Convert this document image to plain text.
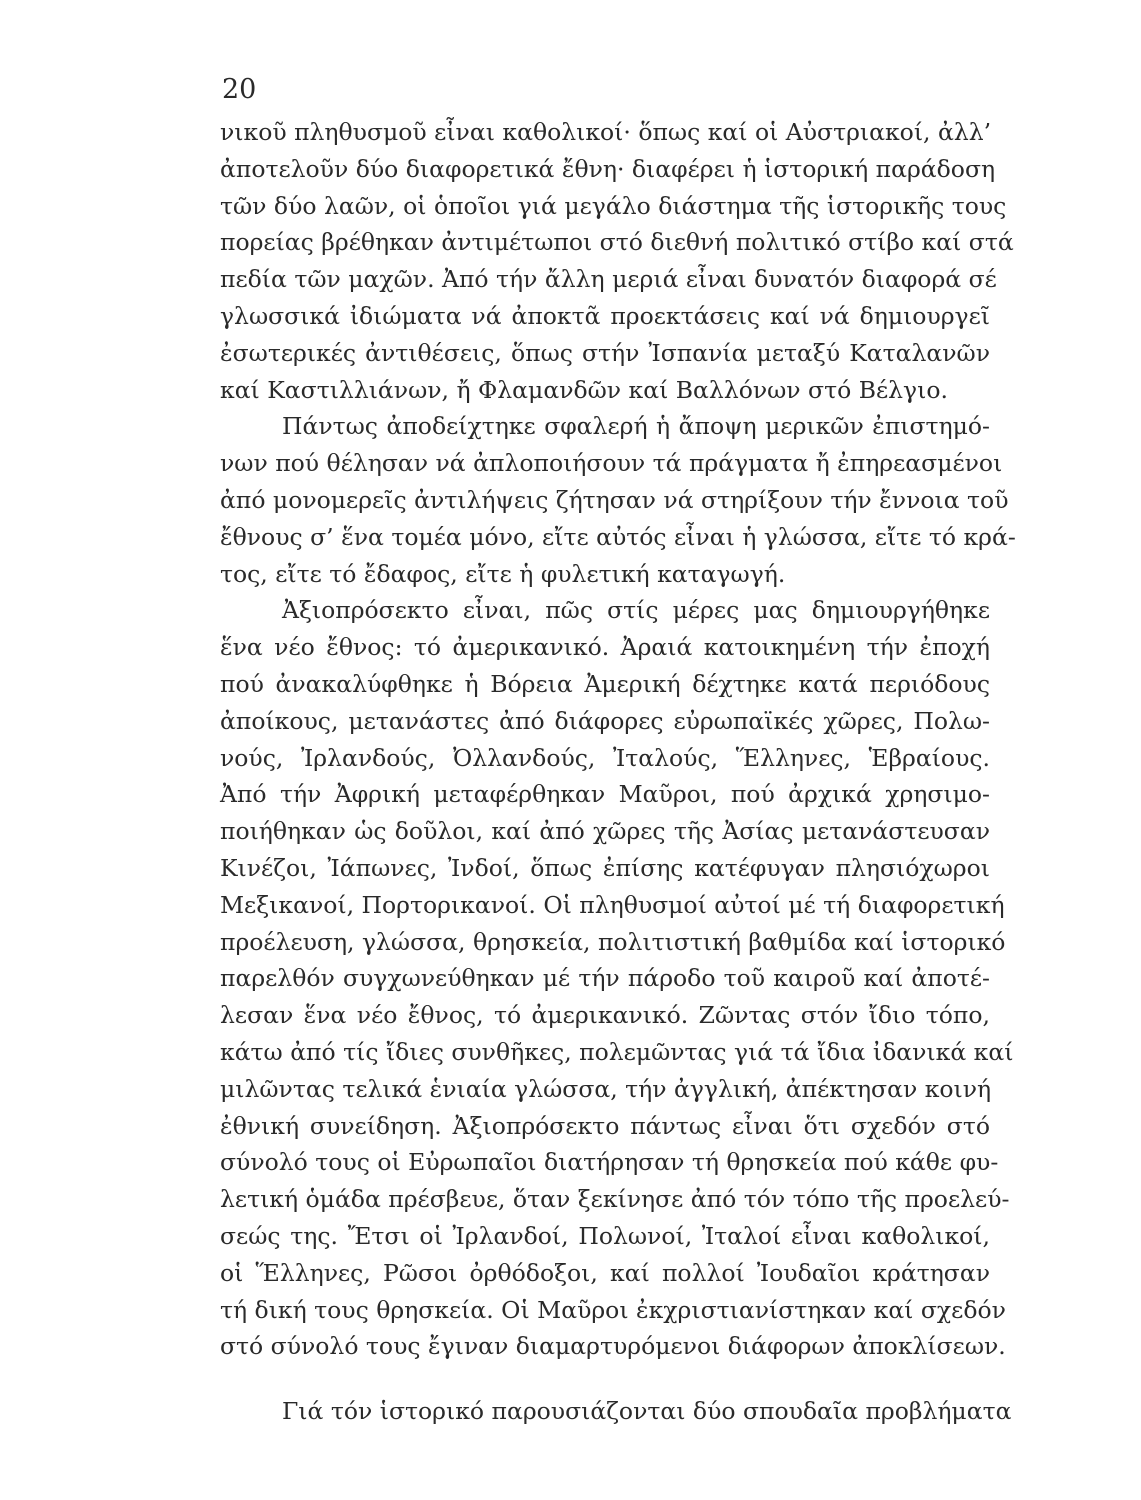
20
νικοῦ πληθυσμοῦ εἶναι καθολικοί· ὅπως καί οἱ Αὐστριακοί, ἀλλ’
ἀποτελοῦν δύο διαφορετικά ἔθνη· διαφέρει ἡ ἱστορική παράδοση
τῶν δύο λαῶν, οἱ ὁποῖοι γιά μεγάλο διάστημα τῆς ἱστορικῆς τους
πορείας βρέθηκαν ἀντιμέτωποι στό διεθνή πολιτικό στίβο καί στά
πεδία τῶν μαχῶν. Ἀπό τήν ἄλλη μεριά εἶναι δυνατόν διαφορά σέ
γλωσσικά ἰδιώματα νά ἀποκτᾶ προεκτάσεις καί νά δημιουργεῖ
ἐσωτερικές ἀντιθέσεις, ὅπως στήν Ἰσπανία μεταξύ Καταλανῶν
καί Καστιλλιάνων, ἤ Φλαμανδῶν καί Βαλλόνων στό Βέλγιο.
Πάντως ἀποδείχτηκε σφαλερή ἡ ἄποψη μερικῶν ἐπιστημό-
νων πού θέλησαν νά ἀπλοποιήσουν τά πράγματα ἤ ἐπηρεασμένοι
ἀπό μονομερεῖς ἀντιλήψεις ζήτησαν νά στηρίξουν τήν ἔννοια τοῦ
ἔθνους σ’ ἕνα τομέα μόνο, εἴτε αὐτός εἶναι ἡ γλώσσα, εἴτε τό κρά-
τος, εἴτε τό ἔδαφος, εἴτε ἡ φυλετική καταγωγή.
Ἀξιοπρόσεκτο εἶναι, πῶς στίς μέρες μας δημιουργήθηκε
ἕνα νέο ἔθνος: τό ἀμερικανικό. Ἀραιά κατοικημένη τήν ἐποχή
πού ἀνακαλύφθηκε ἡ Βόρεια Ἀμερική δέχτηκε κατά περιόδους
ἀποίκους, μετανάστες ἀπό διάφορες εὐρωπαϊκές χῶρες, Πολω-
νούς, Ἰρλανδούς, Ὀλλανδούς, Ἰταλούς, Ἕλληνες, Ἑβραίους.
Ἀπό τήν Ἀφρική μεταφέρθηκαν Μαῦροι, πού ἀρχικά χρησιμο-
ποιήθηκαν ὡς δοῦλοι, καί ἀπό χῶρες τῆς Ἀσίας μετανάστευσαν
Κινέζοι, Ἰάπωνες, Ἰνδοί, ὅπως ἐπίσης κατέφυγαν πλησιόχωροι
Μεξικανοί, Πορτορικανοί. Οἱ πληθυσμοί αὐτοί μέ τή διαφορετική
προέλευση, γλώσσα, θρησκεία, πολιτιστική βαθμίδα καί ἱστορικό
παρελθόν συγχωνεύθηκαν μέ τήν πάροδο τοῦ καιροῦ καί ἀποτέ-
λεσαν ἕνα νέο ἔθνος, τό ἀμερικανικό. Ζῶντας στόν ἴδιο τόπο,
κάτω ἀπό τίς ἴδιες συνθῆκες, πολεμῶντας γιά τά ἴδια ἰδανικά καί
μιλῶντας τελικά ἑνιαία γλώσσα, τήν ἀγγλική, ἀπέκτησαν κοινή
ἐθνική συνείδηση. Ἀξιοπρόσεκτο πάντως εἶναι ὅτι σχεδόν στό
σύνολό τους οἱ Εὐρωπαῖοι διατήρησαν τή θρησκεία πού κάθε φυ-
λετική ὁμάδα πρέσβευε, ὅταν ξεκίνησε ἀπό τόν τόπο τῆς προελεύ-
σεώς της. Ἔτσι οἱ Ἰρλανδοί, Πολωνοί, Ἰταλοί εἶναι καθολικοί,
οἱ Ἕλληνες, Ρῶσοι ὀρθόδοξοι, καί πολλοί Ἰουδαῖοι κράτησαν
τή δική τους θρησκεία. Οἱ Μαῦροι ἐκχριστιανίστηκαν καί σχεδόν
στό σύνολό τους ἔγιναν διαμαρτυρόμενοι διάφορων ἀποκλίσεων.
Γιά τόν ἱστορικό παρουσιάζονται δύο σπουδαῖα προβλήματα
